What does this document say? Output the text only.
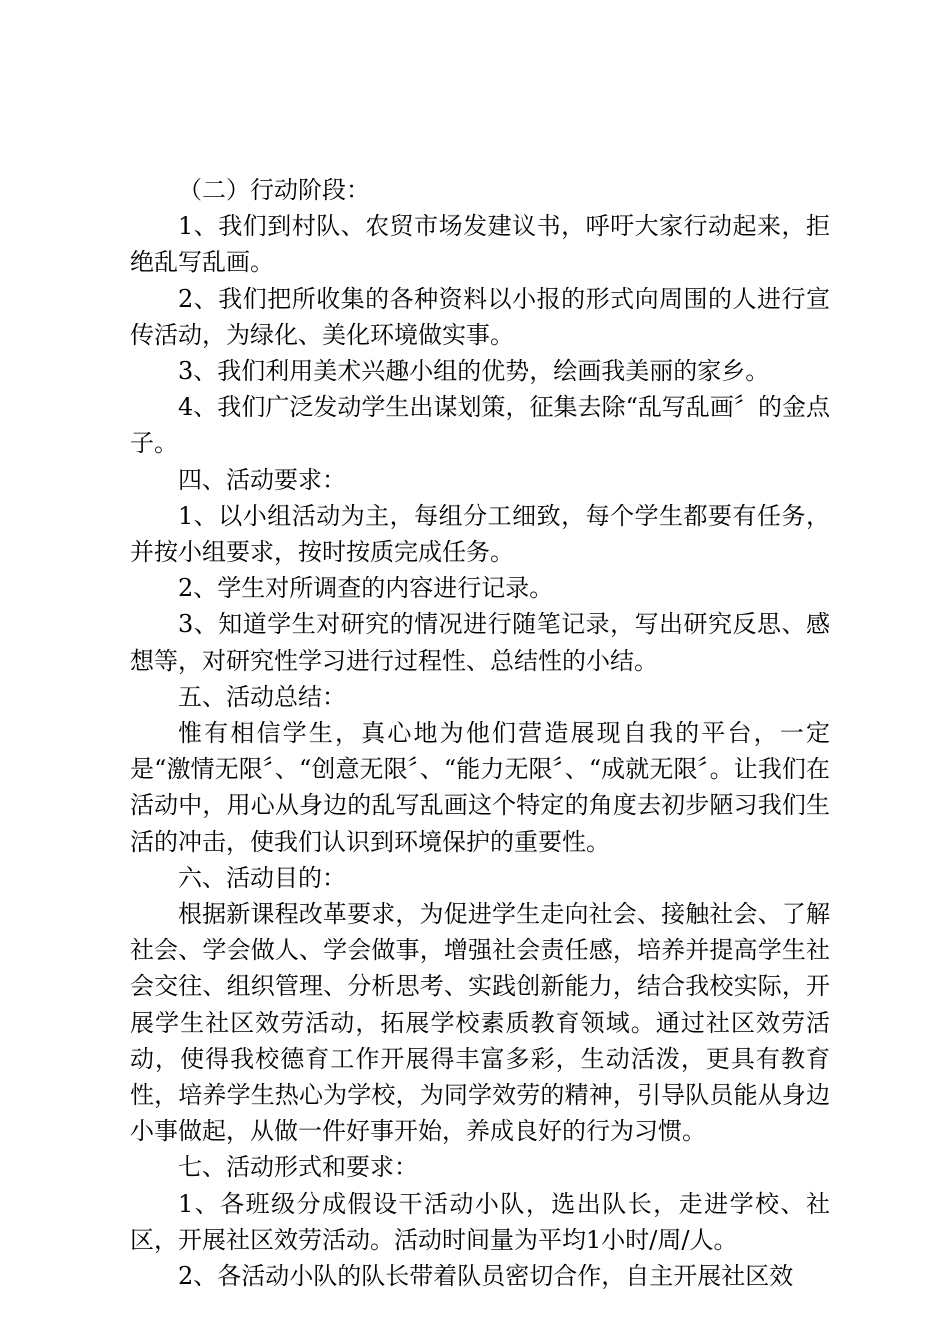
（二）行动阶段：

1、我们到村队、农贸市场发建议书，呼吁大家行动起来，拒绝乱写乱画。

2、我们把所收集的各种资料以小报的形式向周围的人进行宣传活动，为绿化、美化环境做实事。

3、我们利用美术兴趣小组的优势，绘画我美丽的家乡。

4、我们广泛发动学生出谋划策，征集去除“乱写乱画〞的金点子。

四、活动要求：

1、以小组活动为主，每组分工细致，每个学生都要有任务，并按小组要求，按时按质完成任务。

2、学生对所调查的内容进行记录。

3、知道学生对研究的情况进行随笔记录，写出研究反思、感想等，对研究性学习进行过程性、总结性的小结。

五、活动总结：

惟有相信学生，真心地为他们营造展现自我的平台，一定是“激情无限〞、“创意无限〞、“能力无限〞、“成就无限〞。让我们在活动中，用心从身边的乱写乱画这个特定的角度去初步陋习我们生活的冲击，使我们认识到环境保护的重要性。

六、活动目的：

根据新课程改革要求，为促进学生走向社会、接触社会、了解社会、学会做人、学会做事，增强社会责任感，培养并提高学生社会交往、组织管理、分析思考、实践创新能力，结合我校实际，开展学生社区效劳活动，拓展学校素质教育领域。通过社区效劳活动，使得我校德育工作开展得丰富多彩，生动活泼，更具有教育性，培养学生热心为学校，为同学效劳的精神，引导队员能从身边小事做起，从做一件好事开始，养成良好的行为习惯。

七、活动形式和要求：

1、各班级分成假设干活动小队，选出队长，走进学校、社区，开展社区效劳活动。活动时间量为平均1小时/周/人。

2、各活动小队的队长带着队员密切合作，自主开展社区效
